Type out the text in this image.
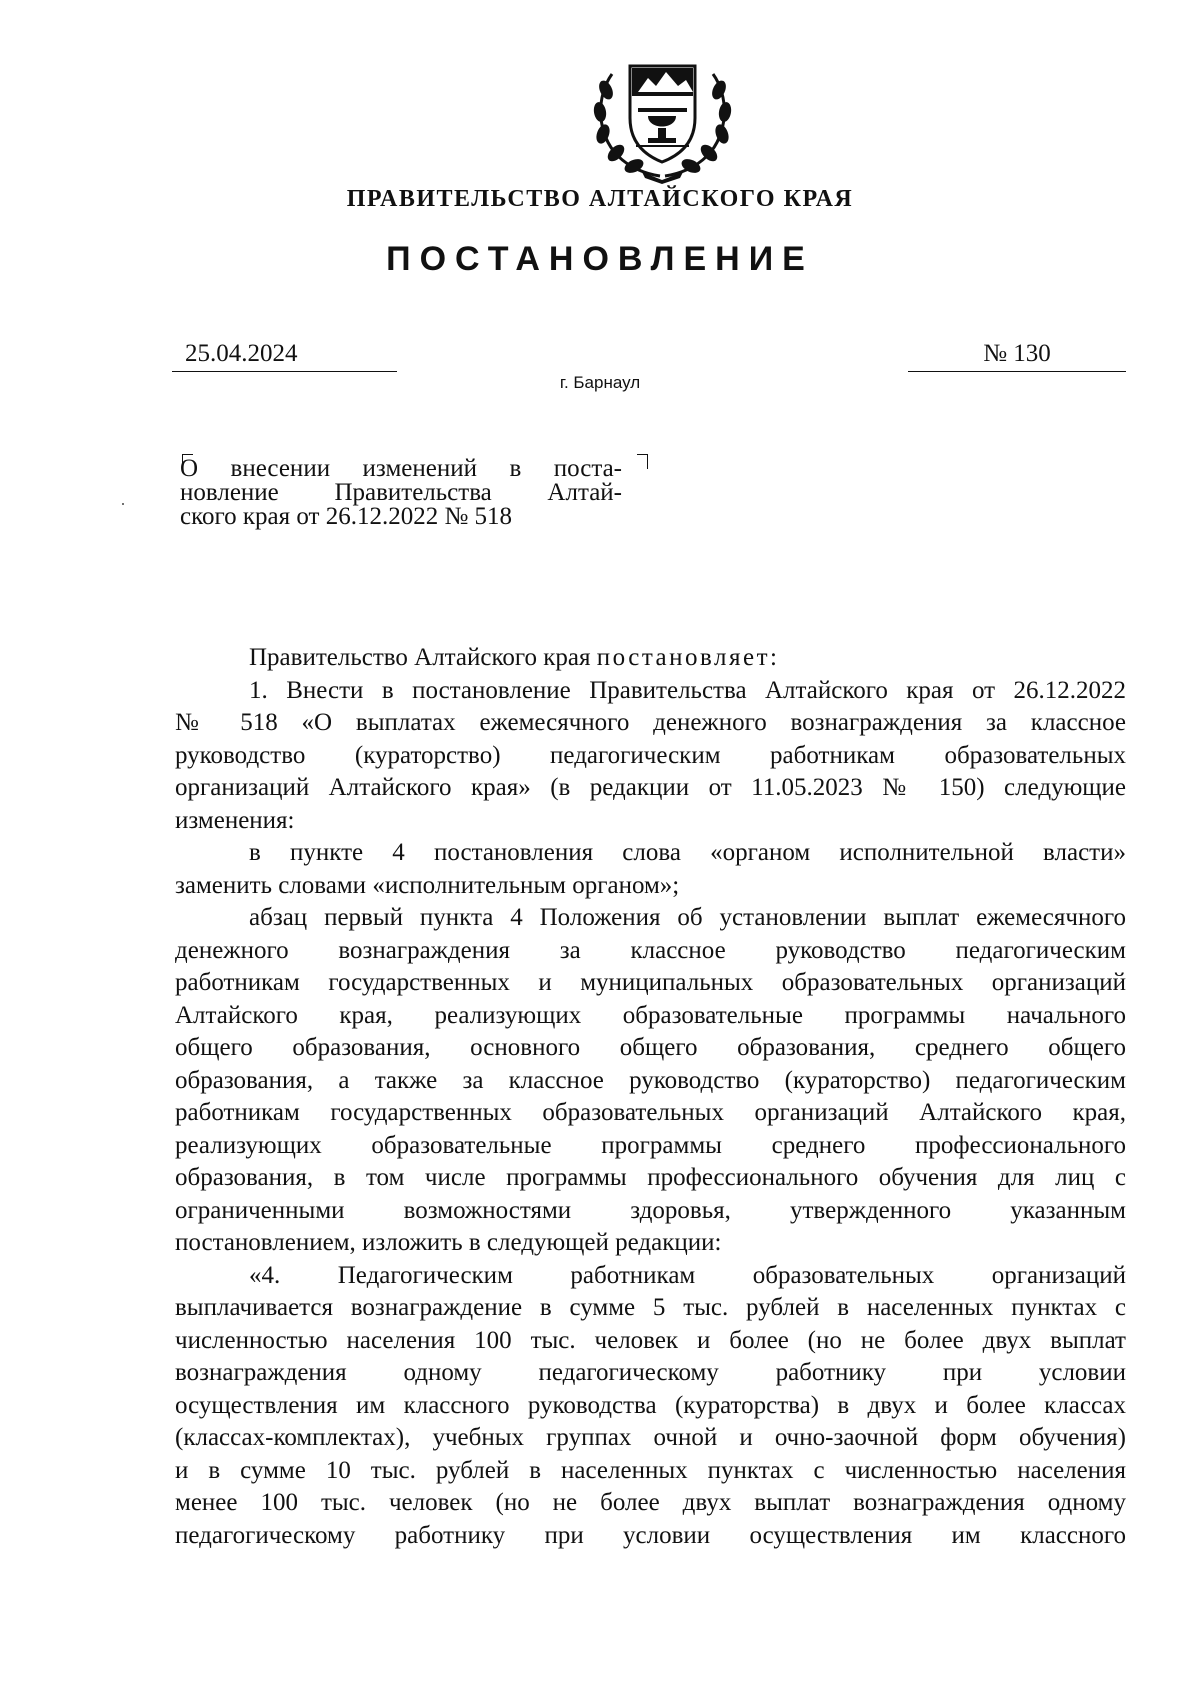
ПРАВИТЕЛЬСТВО АЛТАЙСКОГО КРАЯ
ПОСТАНОВЛЕНИЕ
25.04.2024	№ 130
г. Барнаул
О внесении изменений в поста-
новление Правительства Алтай-
ского края от 26.12.2022 № 518
Правительство Алтайского края постановляет:
1. Внести в постановление Правительства Алтайского края от 26.12.2022
№ 518 «О выплатах ежемесячного денежного вознаграждения за классное
руководство (кураторство) педагогическим работникам образовательных
организаций Алтайского края» (в редакции от 11.05.2023 № 150) следующие
изменения:
в пункте 4 постановления слова «органом исполнительной власти»
заменить словами «исполнительным органом»;
абзац первый пункта 4 Положения об установлении выплат ежемесячного
денежного вознаграждения за классное руководство педагогическим
работникам государственных и муниципальных образовательных организаций
Алтайского края, реализующих образовательные программы начального
общего образования, основного общего образования, среднего общего
образования, а также за классное руководство (кураторство) педагогическим
работникам государственных образовательных организаций Алтайского края,
реализующих образовательные программы среднего профессионального
образования, в том числе программы профессионального обучения для лиц с
ограниченными возможностями здоровья, утвержденного указанным
постановлением, изложить в следующей редакции:
«4. Педагогическим работникам образовательных организаций
выплачивается вознаграждение в сумме 5 тыс. рублей в населенных пунктах с
численностью населения 100 тыс. человек и более (но не более двух выплат
вознаграждения одному педагогическому работнику при условии
осуществления им классного руководства (кураторства) в двух и более классах
(классах-комплектах), учебных группах очной и очно-заочной форм обучения)
и в сумме 10 тыс. рублей в населенных пунктах с численностью населения
менее 100 тыс. человек (но не более двух выплат вознаграждения одному
педагогическому работнику при условии осуществления им классного
